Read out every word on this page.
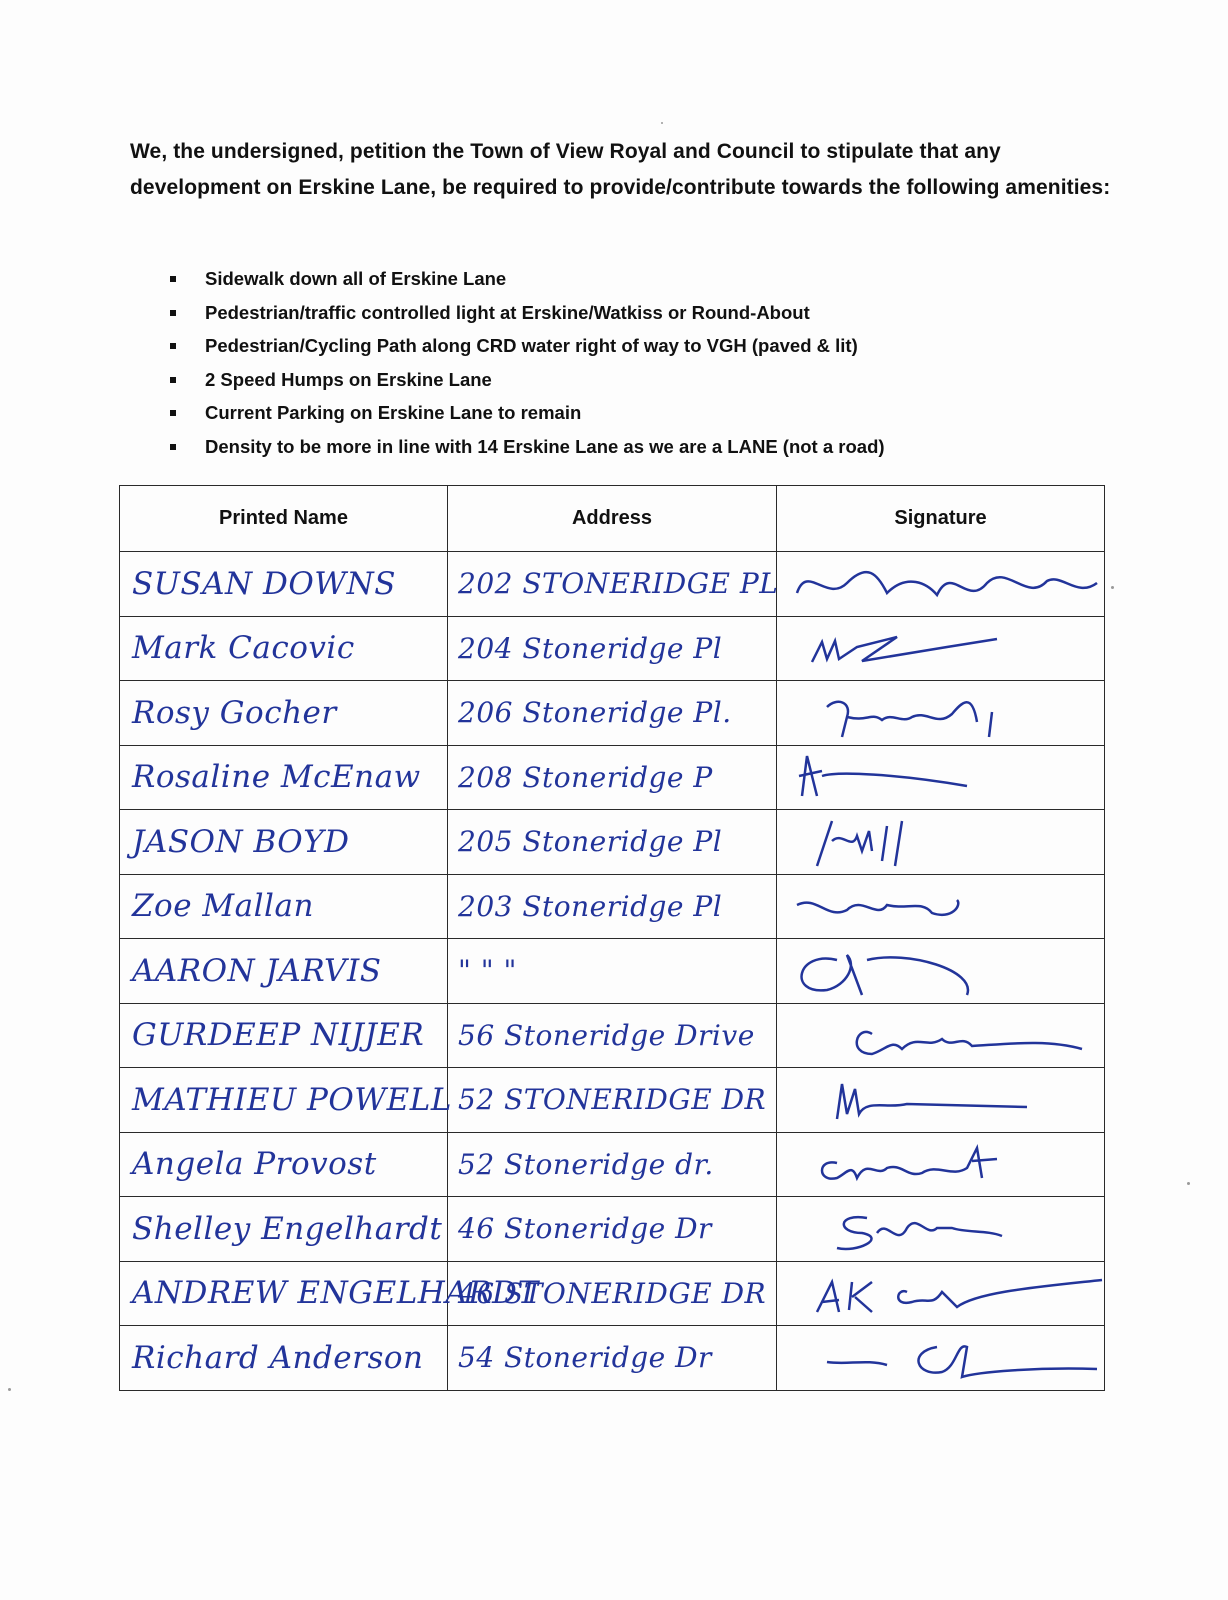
We, the undersigned, petition the Town of View Royal and Council to stipulate that any development on Erskine Lane, be required to provide/contribute towards the following amenities:

Sidewalk down all of Erskine Lane
Pedestrian/traffic controlled light at Erskine/Watkiss or Round-About
Pedestrian/Cycling Path along CRD water right of way to VGH (paved & lit)
2 Speed Humps on Erskine Lane
Current Parking on Erskine Lane to remain
Density to be more in line with 14 Erskine Lane as we are a LANE (not a road)
Printed Name	Address	Signature
SUSAN DOWNS	202 STONERIDGE PL	

Mark Cacovic	204 Stoneridge Pl	

Rosy Gocher	206 Stoneridge Pl.	

Rosaline McEnaw	208 Stoneridge P	

JASON BOYD	205 Stoneridge Pl	

Zoe Mallan	203 Stoneridge Pl	

AARON JARVIS	" " "	

GURDEEP NIJJER	56 Stoneridge Drive	

MATHIEU POWELL	52 STONERIDGE DR	

Angela Provost	52 Stoneridge dr.	

Shelley Engelhardt	46 Stoneridge Dr	

ANDREW ENGELHARDT	46 STONERIDGE DR	

Richard Anderson	54 Stoneridge Dr	
